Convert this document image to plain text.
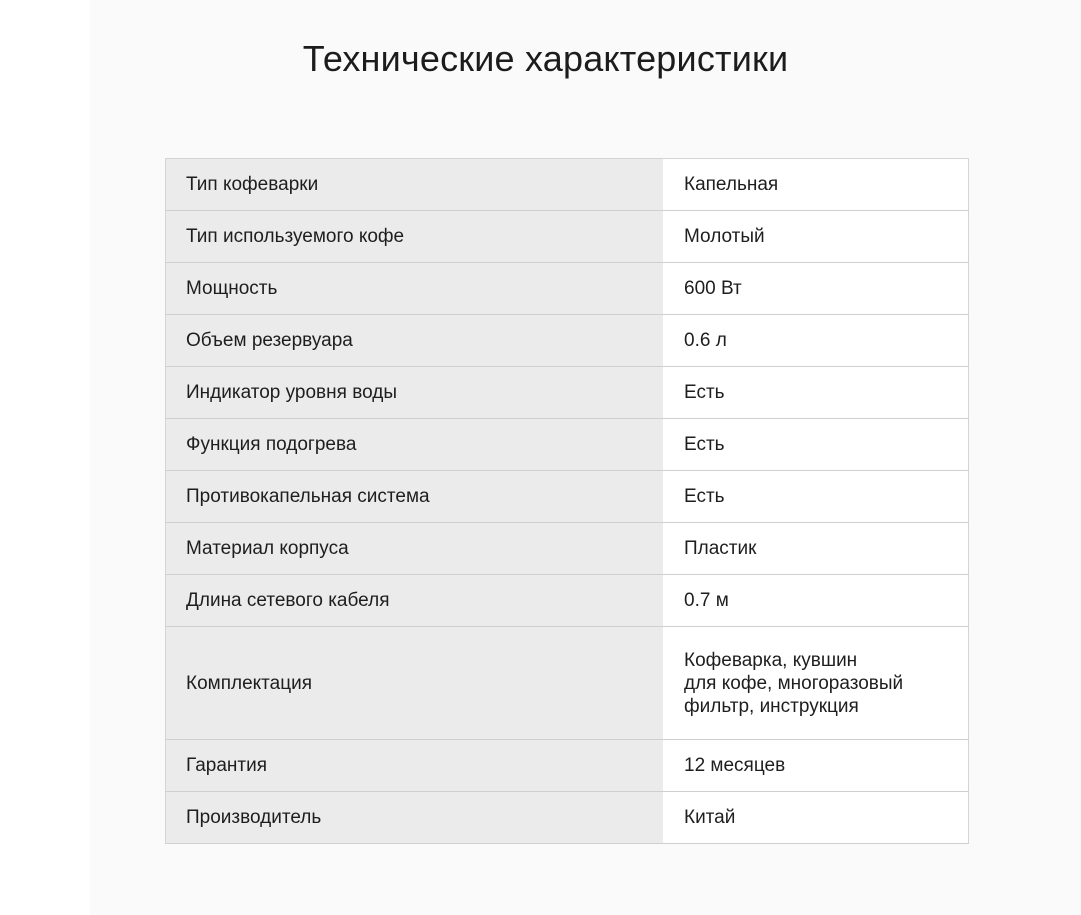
Технические характеристики
Тип кофеварки	Капельная
Тип используемого кофе	Молотый
Мощность	600 Вт
Объем резервуара	0.6 л
Индикатор уровня воды	Есть
Функция подогрева	Есть
Противокапельная система	Есть
Материал корпуса	Пластик
Длина сетевого кабеля	0.7 м
Комплектация	Кофеварка, кувшин
для кофе, многоразовый
фильтр, инструкция

Гарантия	12 месяцев
Производитель	Китай
